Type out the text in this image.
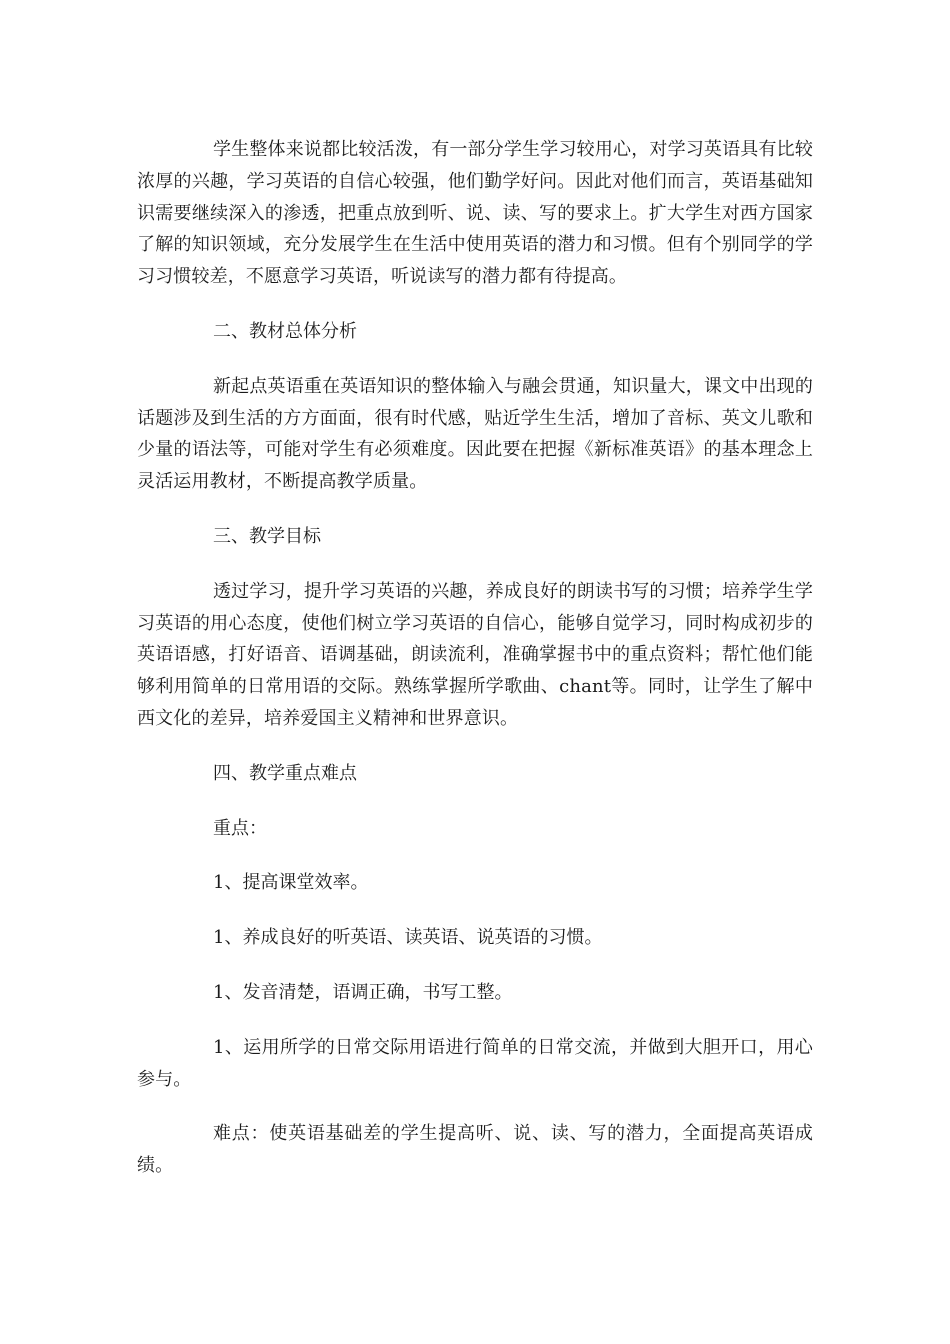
学生整体来说都比较活泼，有一部分学生学习较用心，对学习英语具有比较浓厚的兴趣，学习英语的自信心较强，他们勤学好问。因此对他们而言，英语基础知识需要继续深入的渗透，把重点放到听、说、读、写的要求上。扩大学生对西方国家了解的知识领域，充分发展学生在生活中使用英语的潜力和习惯。但有个别同学的学习习惯较差，不愿意学习英语，听说读写的潜力都有待提高。

二、教材总体分析

新起点英语重在英语知识的整体输入与融会贯通，知识量大，课文中出现的话题涉及到生活的方方面面，很有时代感，贴近学生生活，增加了音标、英文儿歌和少量的语法等，可能对学生有必须难度。因此要在把握《新标准英语》的基本理念上灵活运用教材，不断提高教学质量。

三、教学目标

透过学习，提升学习英语的兴趣，养成良好的朗读书写的习惯；培养学生学习英语的用心态度，使他们树立学习英语的自信心，能够自觉学习，同时构成初步的英语语感，打好语音、语调基础，朗读流利，准确掌握书中的重点资料；帮忙他们能够利用简单的日常用语的交际。熟练掌握所学歌曲、chant等。同时，让学生了解中西文化的差异，培养爱国主义精神和世界意识。

四、教学重点难点

重点：

1、提高课堂效率。

1、养成良好的听英语、读英语、说英语的习惯。

1、发音清楚，语调正确，书写工整。

1、运用所学的日常交际用语进行简单的日常交流，并做到大胆开口，用心参与。

难点：使英语基础差的学生提高听、说、读、写的潜力，全面提高英语成绩。
